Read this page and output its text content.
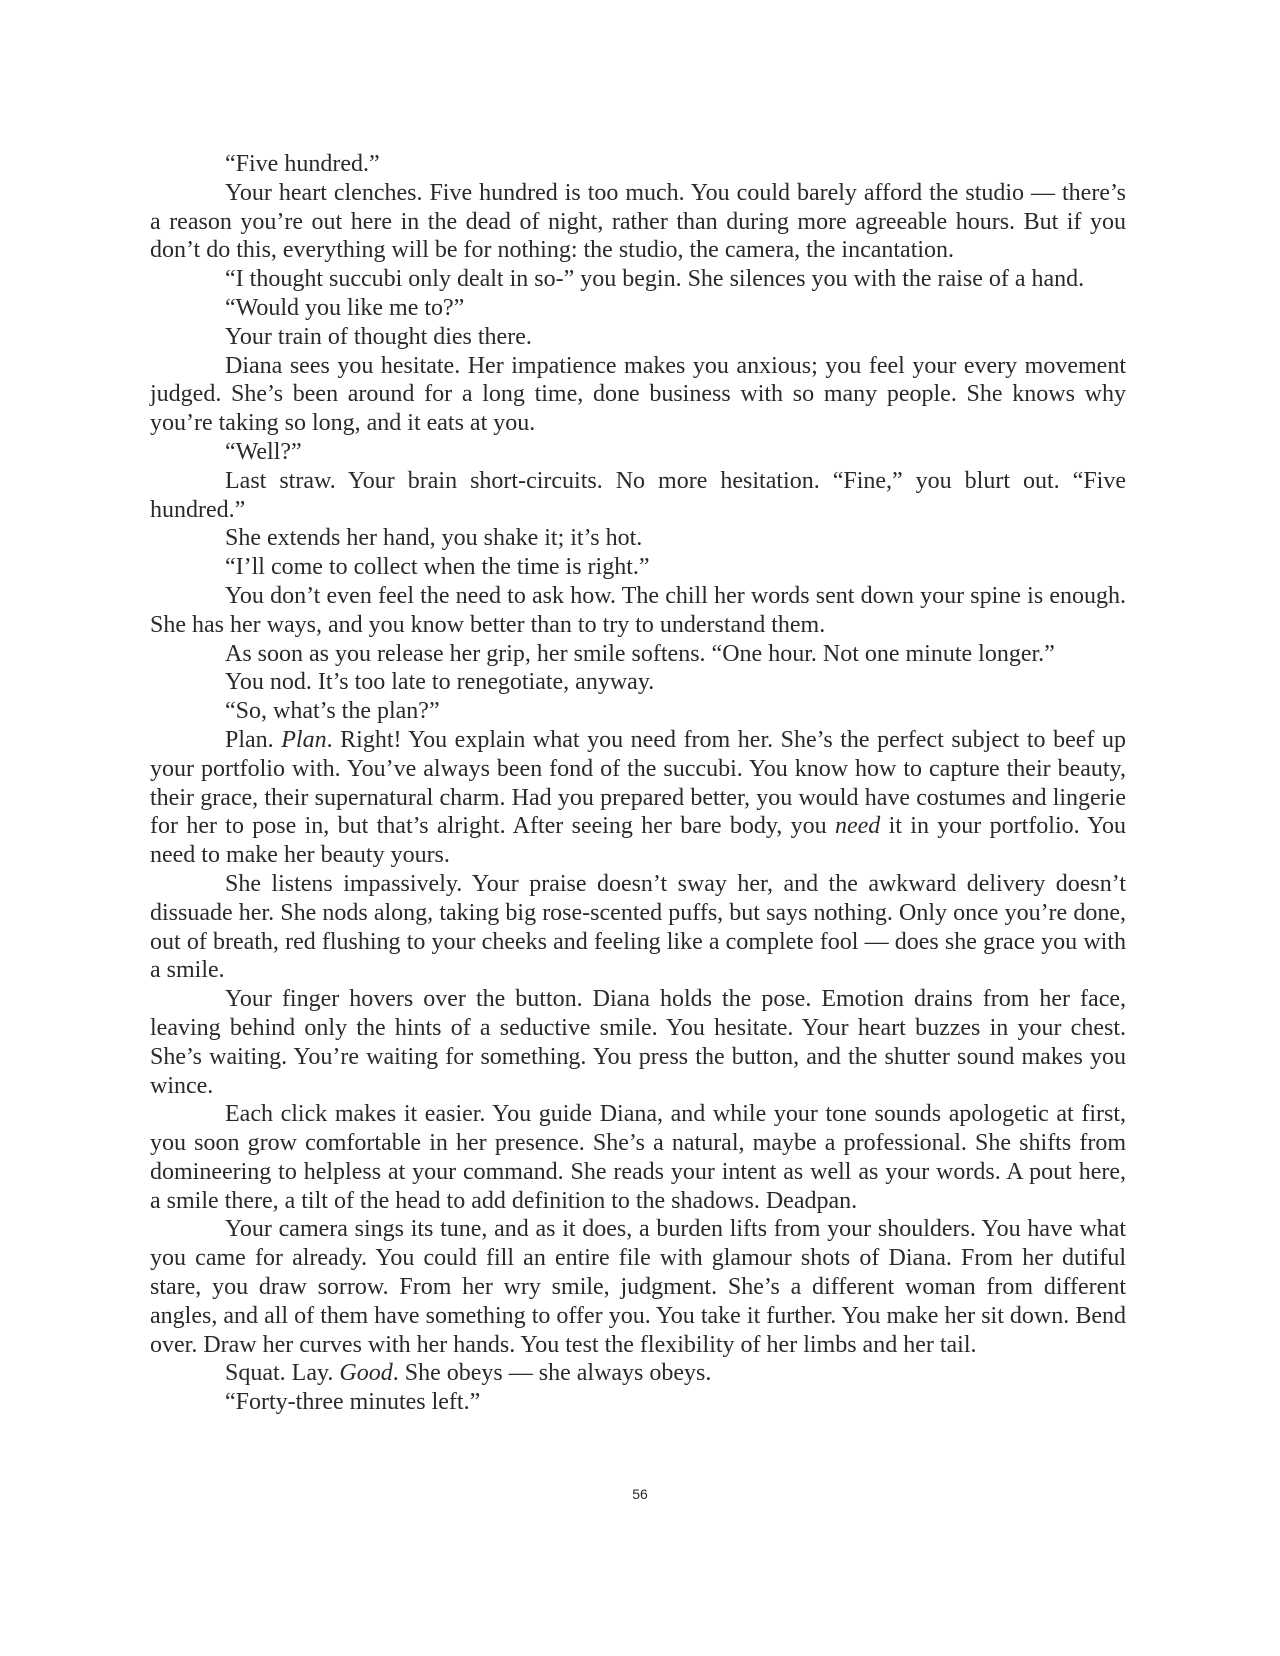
“Five hundred.”

Your heart clenches. Five hundred is too much. You could barely afford the studio — there’s a reason you’re out here in the dead of night, rather than during more agreeable hours. But if you don’t do this, everything will be for nothing: the studio, the camera, the incantation.

“I thought succubi only dealt in so-” you begin. She silences you with the raise of a hand.

“Would you like me to?”

Your train of thought dies there.

Diana sees you hesitate. Her impatience makes you anxious; you feel your every movement judged. She’s been around for a long time, done business with so many people. She knows why you’re taking so long, and it eats at you.

“Well?”

Last straw. Your brain short-circuits. No more hesitation. “Fine,” you blurt out. “Five hundred.”

She extends her hand, you shake it; it’s hot.

“I’ll come to collect when the time is right.”

You don’t even feel the need to ask how. The chill her words sent down your spine is enough. She has her ways, and you know better than to try to understand them.

As soon as you release her grip, her smile softens. “One hour. Not one minute longer.”

You nod. It’s too late to renegotiate, anyway.

“So, what’s the plan?”

Plan. Plan. Right! You explain what you need from her. She’s the perfect subject to beef up your portfolio with. You’ve always been fond of the succubi. You know how to capture their beauty, their grace, their supernatural charm. Had you prepared better, you would have costumes and lingerie for her to pose in, but that’s alright. After seeing her bare body, you need it in your portfolio. You need to make her beauty yours.

She listens impassively. Your praise doesn’t sway her, and the awkward delivery doesn’t dissuade her. She nods along, taking big rose-scented puffs, but says nothing. Only once you’re done, out of breath, red flushing to your cheeks and feeling like a complete fool — does she grace you with a smile.

Your finger hovers over the button. Diana holds the pose. Emotion drains from her face, leaving behind only the hints of a seductive smile. You hesitate. Your heart buzzes in your chest. She’s waiting. You’re waiting for something. You press the button, and the shutter sound makes you wince.

Each click makes it easier. You guide Diana, and while your tone sounds apologetic at first, you soon grow comfortable in her presence. She’s a natural, maybe a professional. She shifts from domineering to helpless at your command. She reads your intent as well as your words. A pout here, a smile there, a tilt of the head to add definition to the shadows. Deadpan.

Your camera sings its tune, and as it does, a burden lifts from your shoulders. You have what you came for already. You could fill an entire file with glamour shots of Diana. From her dutiful stare, you draw sorrow. From her wry smile, judgment. She’s a different woman from different angles, and all of them have something to offer you. You take it further. You make her sit down. Bend over. Draw her curves with her hands. You test the flexibility of her limbs and her tail.

Squat. Lay. Good. She obeys — she always obeys.

“Forty-three minutes left.”

56
